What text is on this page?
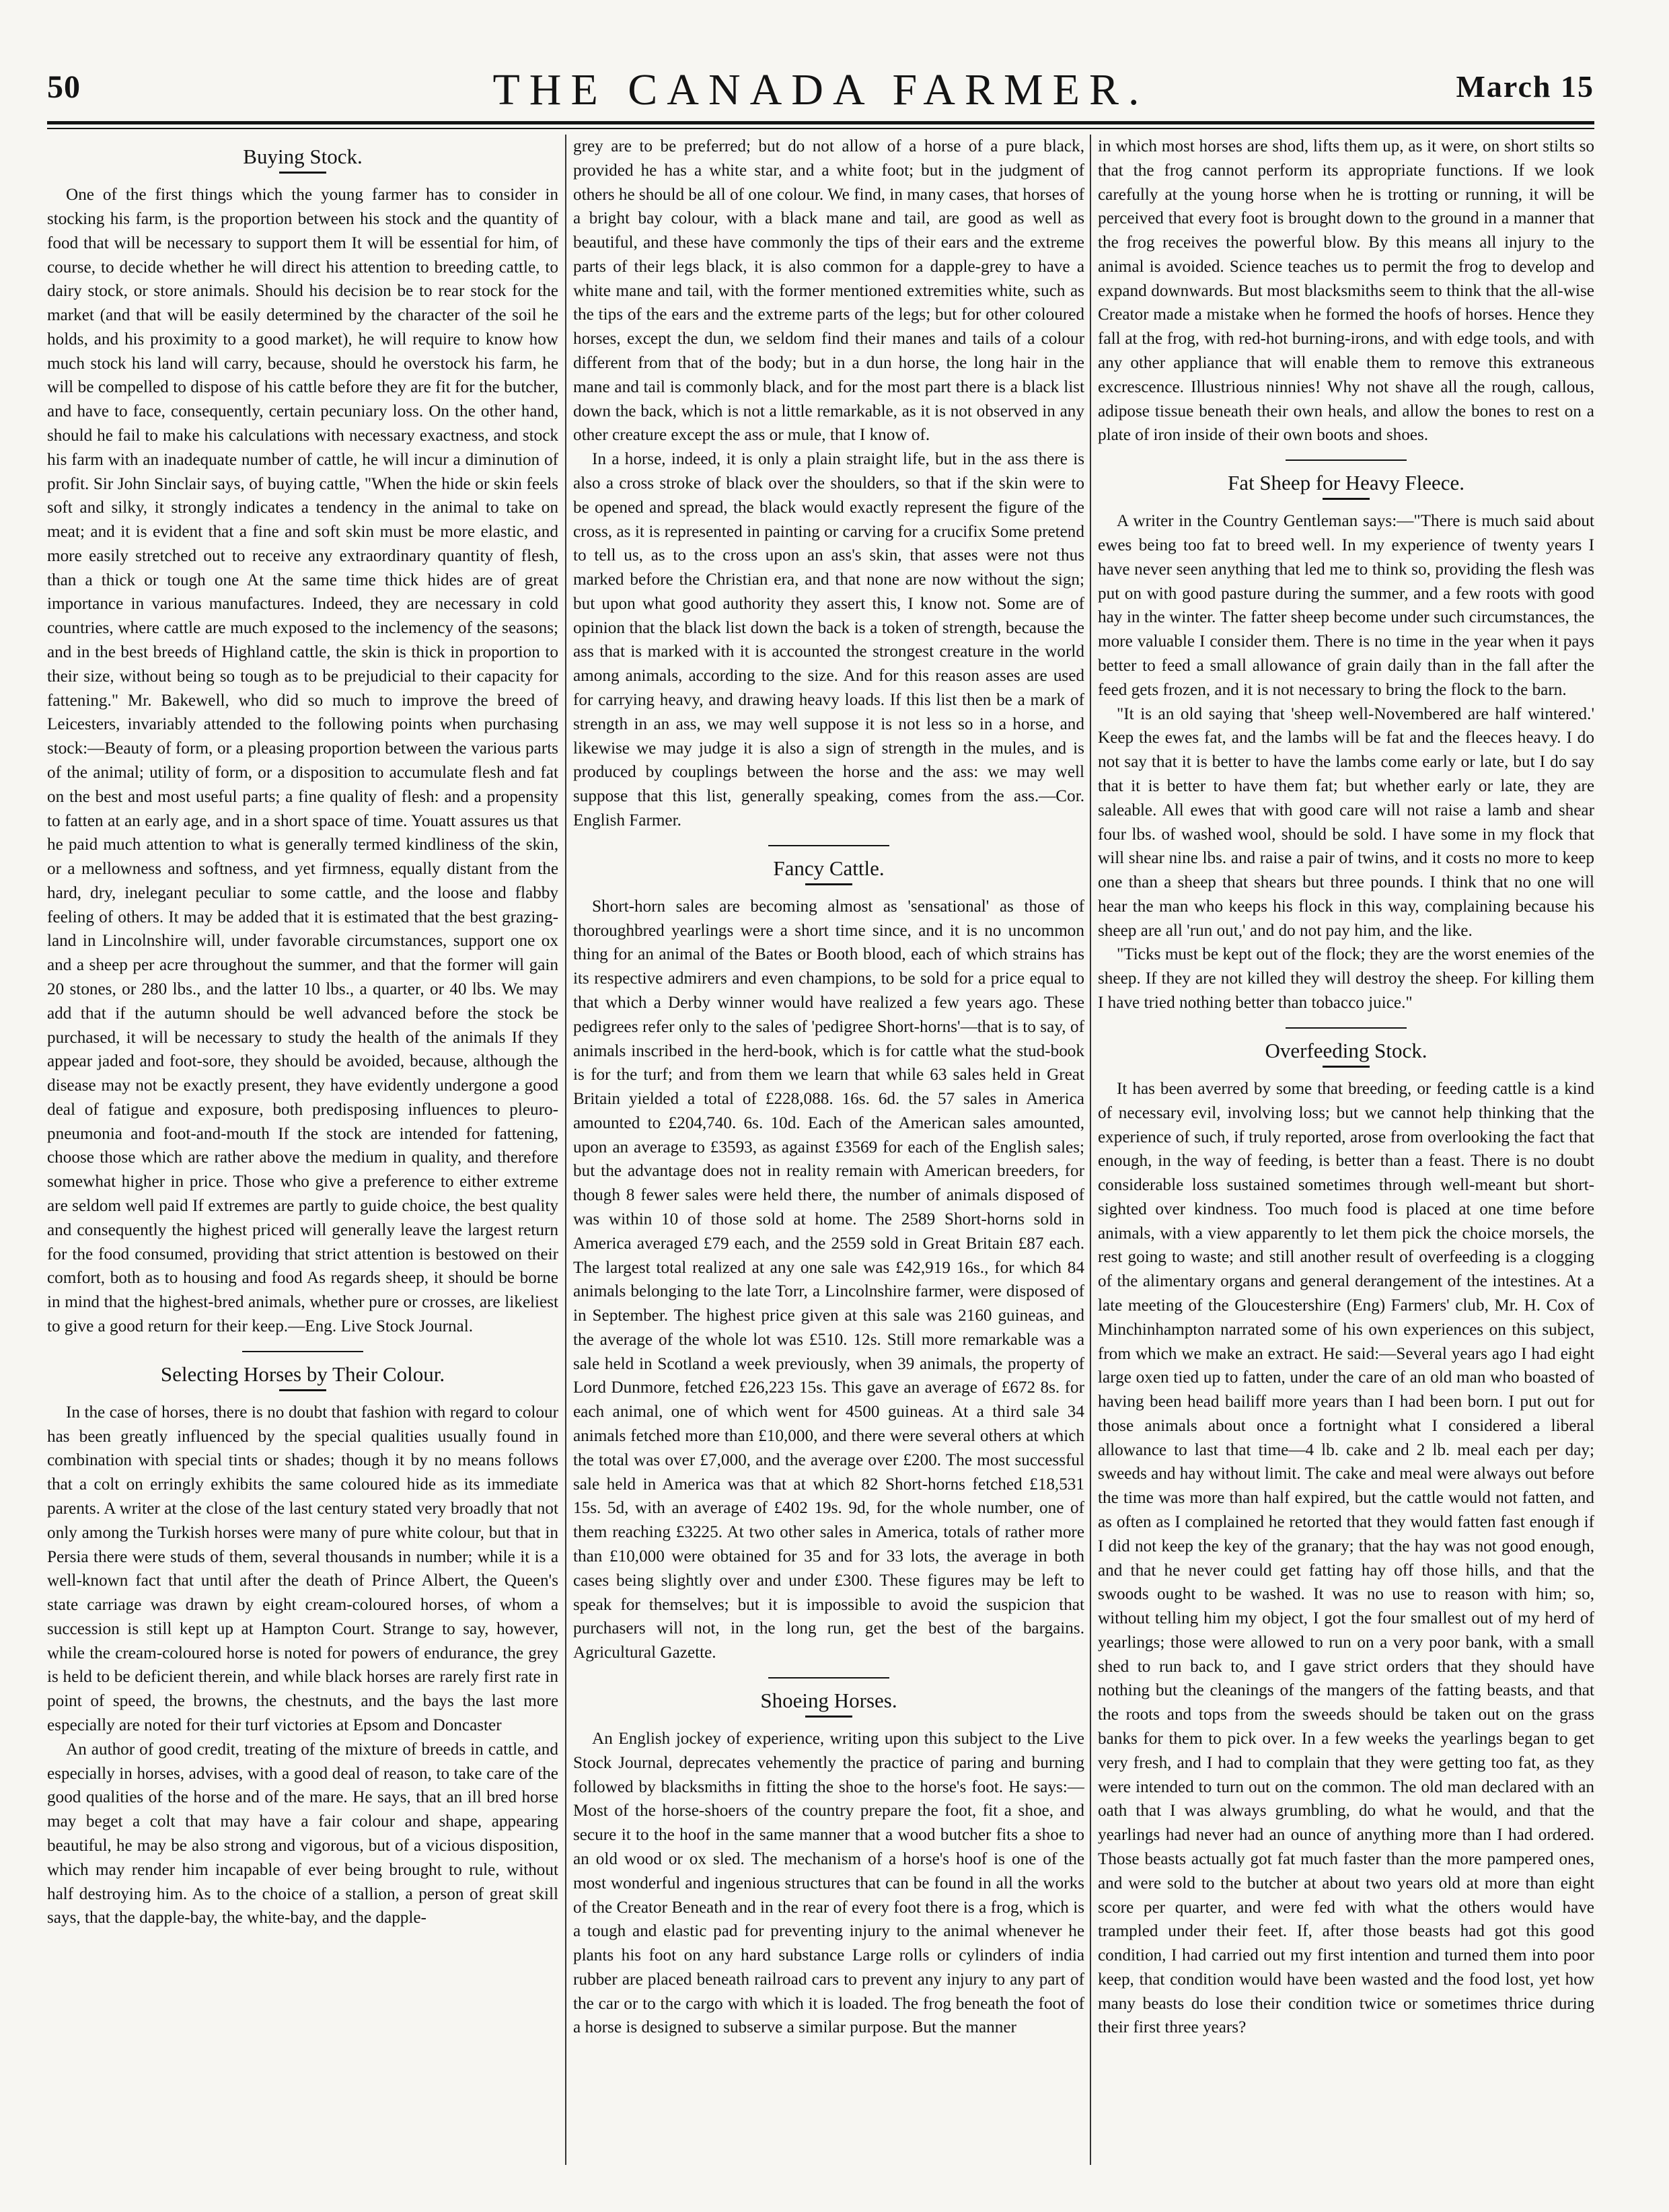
50	THE CANADA FARMER.	March 15
Buying Stock.

One of the first things which the young farmer has to consider in stocking his farm, is the proportion between his stock and the quantity of food that will be necessary to support them It will be essential for him, of course, to decide whether he will direct his attention to breeding cattle, to dairy stock, or store animals. Should his decision be to rear stock for the market (and that will be easily determined by the character of the soil he holds, and his proximity to a good market), he will require to know how much stock his land will carry, because, should he overstock his farm, he will be compelled to dispose of his cattle before they are fit for the butcher, and have to face, consequently, certain pecuniary loss. On the other hand, should he fail to make his calculations with necessary exactness, and stock his farm with an inadequate number of cattle, he will incur a diminution of profit. Sir John Sinclair says, of buying cattle, "When the hide or skin feels soft and silky, it strongly indicates a tendency in the animal to take on meat; and it is evident that a fine and soft skin must be more elastic, and more easily stretched out to receive any extraordinary quantity of flesh, than a thick or tough one At the same time thick hides are of great importance in various manufactures. Indeed, they are necessary in cold countries, where cattle are much exposed to the inclemency of the seasons; and in the best breeds of Highland cattle, the skin is thick in proportion to their size, without being so tough as to be prejudicial to their capacity for fattening." Mr. Bakewell, who did so much to improve the breed of Leicesters, invariably attended to the following points when purchasing stock:—Beauty of form, or a pleasing proportion between the various parts of the animal; utility of form, or a disposition to accumulate flesh and fat on the best and most useful parts; a fine quality of flesh: and a propensity to fatten at an early age, and in a short space of time. Youatt assures us that he paid much attention to what is generally termed kindliness of the skin, or a mellowness and softness, and yet firmness, equally distant from the hard, dry, inelegant peculiar to some cattle, and the loose and flabby feeling of others. It may be added that it is estimated that the best grazing-land in Lincolnshire will, under favorable circumstances, support one ox and a sheep per acre throughout the summer, and that the former will gain 20 stones, or 280 lbs., and the latter 10 lbs., a quarter, or 40 lbs. We may add that if the autumn should be well advanced before the stock be purchased, it will be necessary to study the health of the animals If they appear jaded and foot-sore, they should be avoided, because, although the disease may not be exactly present, they have evidently undergone a good deal of fatigue and exposure, both predisposing influences to pleuro-pneumonia and foot-and-mouth If the stock are intended for fattening, choose those which are rather above the medium in quality, and therefore somewhat higher in price. Those who give a preference to either extreme are seldom well paid If extremes are partly to guide choice, the best quality and consequently the highest priced will generally leave the largest return for the food consumed, providing that strict attention is bestowed on their comfort, both as to housing and food As regards sheep, it should be borne in mind that the highest-bred animals, whether pure or crosses, are likeliest to give a good return for their keep.—Eng. Live Stock Journal.

Selecting Horses by Their Colour.

In the case of horses, there is no doubt that fashion with regard to colour has been greatly influenced by the special qualities usually found in combination with special tints or shades; though it by no means follows that a colt on erringly exhibits the same coloured hide as its immediate parents. A writer at the close of the last century stated very broadly that not only among the Turkish horses were many of pure white colour, but that in Persia there were studs of them, several thousands in number; while it is a well-known fact that until after the death of Prince Albert, the Queen's state carriage was drawn by eight cream-coloured horses, of whom a succession is still kept up at Hampton Court. Strange to say, however, while the cream-coloured horse is noted for powers of endurance, the grey is held to be deficient therein, and while black horses are rarely first rate in point of speed, the browns, the chestnuts, and the bays the last more especially are noted for their turf victories at Epsom and Doncaster

An author of good credit, treating of the mixture of breeds in cattle, and especially in horses, advises, with a good deal of reason, to take care of the good qualities of the horse and of the mare. He says, that an ill bred horse may beget a colt that may have a fair colour and shape, appearing beautiful, he may be also strong and vigorous, but of a vicious disposition, which may render him incapable of ever being brought to rule, without half destroying him. As to the choice of a stallion, a person of great skill says, that the dapple-bay, the white-bay, and the dapple-

grey are to be preferred; but do not allow of a horse of a pure black, provided he has a white star, and a white foot; but in the judgment of others he should be all of one colour. We find, in many cases, that horses of a bright bay colour, with a black mane and tail, are good as well as beautiful, and these have commonly the tips of their ears and the extreme parts of their legs black, it is also common for a dapple-grey to have a white mane and tail, with the former mentioned extremities white, such as the tips of the ears and the extreme parts of the legs; but for other coloured horses, except the dun, we seldom find their manes and tails of a colour different from that of the body; but in a dun horse, the long hair in the mane and tail is commonly black, and for the most part there is a black list down the back, which is not a little remarkable, as it is not observed in any other creature except the ass or mule, that I know of.

In a horse, indeed, it is only a plain straight life, but in the ass there is also a cross stroke of black over the shoulders, so that if the skin were to be opened and spread, the black would exactly represent the figure of the cross, as it is represented in painting or carving for a crucifix Some pretend to tell us, as to the cross upon an ass's skin, that asses were not thus marked before the Christian era, and that none are now without the sign; but upon what good authority they assert this, I know not. Some are of opinion that the black list down the back is a token of strength, because the ass that is marked with it is accounted the strongest creature in the world among animals, according to the size. And for this reason asses are used for carrying heavy, and drawing heavy loads. If this list then be a mark of strength in an ass, we may well suppose it is not less so in a horse, and likewise we may judge it is also a sign of strength in the mules, and is produced by couplings between the horse and the ass: we may well suppose that this list, generally speaking, comes from the ass.—Cor. English Farmer.

Fancy Cattle.

Short-horn sales are becoming almost as 'sensational' as those of thoroughbred yearlings were a short time since, and it is no uncommon thing for an animal of the Bates or Booth blood, each of which strains has its respective admirers and even champions, to be sold for a price equal to that which a Derby winner would have realized a few years ago. These pedigrees refer only to the sales of 'pedigree Short-horns'—that is to say, of animals inscribed in the herd-book, which is for cattle what the stud-book is for the turf; and from them we learn that while 63 sales held in Great Britain yielded a total of £228,088. 16s. 6d. the 57 sales in America amounted to £204,740. 6s. 10d. Each of the American sales amounted, upon an average to £3593, as against £3569 for each of the English sales; but the advantage does not in reality remain with American breeders, for though 8 fewer sales were held there, the number of animals disposed of was within 10 of those sold at home. The 2589 Short-horns sold in America averaged £79 each, and the 2559 sold in Great Britain £87 each. The largest total realized at any one sale was £42,919 16s., for which 84 animals belonging to the late Torr, a Lincolnshire farmer, were disposed of in September. The highest price given at this sale was 2160 guineas, and the average of the whole lot was £510. 12s. Still more remarkable was a sale held in Scotland a week previously, when 39 animals, the property of Lord Dunmore, fetched £26,223 15s. This gave an average of £672 8s. for each animal, one of which went for 4500 guineas. At a third sale 34 animals fetched more than £10,000, and there were several others at which the total was over £7,000, and the average over £200. The most successful sale held in America was that at which 82 Short-horns fetched £18,531 15s. 5d, with an average of £402 19s. 9d, for the whole number, one of them reaching £3225. At two other sales in America, totals of rather more than £10,000 were obtained for 35 and for 33 lots, the average in both cases being slightly over and under £300. These figures may be left to speak for themselves; but it is impossible to avoid the suspicion that purchasers will not, in the long run, get the best of the bargains. Agricultural Gazette.

Shoeing Horses.

An English jockey of experience, writing upon this subject to the Live Stock Journal, deprecates vehemently the practice of paring and burning followed by blacksmiths in fitting the shoe to the horse's foot. He says:—Most of the horse-shoers of the country prepare the foot, fit a shoe, and secure it to the hoof in the same manner that a wood butcher fits a shoe to an old wood or ox sled. The mechanism of a horse's hoof is one of the most wonderful and ingenious structures that can be found in all the works of the Creator Beneath and in the rear of every foot there is a frog, which is a tough and elastic pad for preventing injury to the animal whenever he plants his foot on any hard substance Large rolls or cylinders of india rubber are placed beneath railroad cars to prevent any injury to any part of the car or to the cargo with which it is loaded. The frog beneath the foot of a horse is designed to subserve a similar purpose. But the manner

in which most horses are shod, lifts them up, as it were, on short stilts so that the frog cannot perform its appropriate functions. If we look carefully at the young horse when he is trotting or running, it will be perceived that every foot is brought down to the ground in a manner that the frog receives the powerful blow. By this means all injury to the animal is avoided. Science teaches us to permit the frog to develop and expand downwards. But most blacksmiths seem to think that the all-wise Creator made a mistake when he formed the hoofs of horses. Hence they fall at the frog, with red-hot burning-irons, and with edge tools, and with any other appliance that will enable them to remove this extraneous excrescence. Illustrious ninnies! Why not shave all the rough, callous, adipose tissue beneath their own heals, and allow the bones to rest on a plate of iron inside of their own boots and shoes.

Fat Sheep for Heavy Fleece.

A writer in the Country Gentleman says:—"There is much said about ewes being too fat to breed well. In my experience of twenty years I have never seen anything that led me to think so, providing the flesh was put on with good pasture during the summer, and a few roots with good hay in the winter. The fatter sheep become under such circumstances, the more valuable I consider them. There is no time in the year when it pays better to feed a small allowance of grain daily than in the fall after the feed gets frozen, and it is not necessary to bring the flock to the barn.

"It is an old saying that 'sheep well-Novembered are half wintered.' Keep the ewes fat, and the lambs will be fat and the fleeces heavy. I do not say that it is better to have the lambs come early or late, but I do say that it is better to have them fat; but whether early or late, they are saleable. All ewes that with good care will not raise a lamb and shear four lbs. of washed wool, should be sold. I have some in my flock that will shear nine lbs. and raise a pair of twins, and it costs no more to keep one than a sheep that shears but three pounds. I think that no one will hear the man who keeps his flock in this way, complaining because his sheep are all 'run out,' and do not pay him, and the like.

"Ticks must be kept out of the flock; they are the worst enemies of the sheep. If they are not killed they will destroy the sheep. For killing them I have tried nothing better than tobacco juice."

Overfeeding Stock.

It has been averred by some that breeding, or feeding cattle is a kind of necessary evil, involving loss; but we cannot help thinking that the experience of such, if truly reported, arose from overlooking the fact that enough, in the way of feeding, is better than a feast. There is no doubt considerable loss sustained sometimes through well-meant but short-sighted over kindness. Too much food is placed at one time before animals, with a view apparently to let them pick the choice morsels, the rest going to waste; and still another result of overfeeding is a clogging of the alimentary organs and general derangement of the intestines. At a late meeting of the Gloucestershire (Eng) Farmers' club, Mr. H. Cox of Minchinhampton narrated some of his own experiences on this subject, from which we make an extract. He said:—Several years ago I had eight large oxen tied up to fatten, under the care of an old man who boasted of having been head bailiff more years than I had been born. I put out for those animals about once a fortnight what I considered a liberal allowance to last that time—4 lb. cake and 2 lb. meal each per day; sweeds and hay without limit. The cake and meal were always out before the time was more than half expired, but the cattle would not fatten, and as often as I complained he retorted that they would fatten fast enough if I did not keep the key of the granary; that the hay was not good enough, and that he never could get fatting hay off those hills, and that the swoods ought to be washed. It was no use to reason with him; so, without telling him my object, I got the four smallest out of my herd of yearlings; those were allowed to run on a very poor bank, with a small shed to run back to, and I gave strict orders that they should have nothing but the cleanings of the mangers of the fatting beasts, and that the roots and tops from the sweeds should be taken out on the grass banks for them to pick over. In a few weeks the yearlings began to get very fresh, and I had to complain that they were getting too fat, as they were intended to turn out on the common. The old man declared with an oath that I was always grumbling, do what he would, and that the yearlings had never had an ounce of anything more than I had ordered. Those beasts actually got fat much faster than the more pampered ones, and were sold to the butcher at about two years old at more than eight score per quarter, and were fed with what the others would have trampled under their feet. If, after those beasts had got this good condition, I had carried out my first intention and turned them into poor keep, that condition would have been wasted and the food lost, yet how many beasts do lose their condition twice or sometimes thrice during their first three years?
